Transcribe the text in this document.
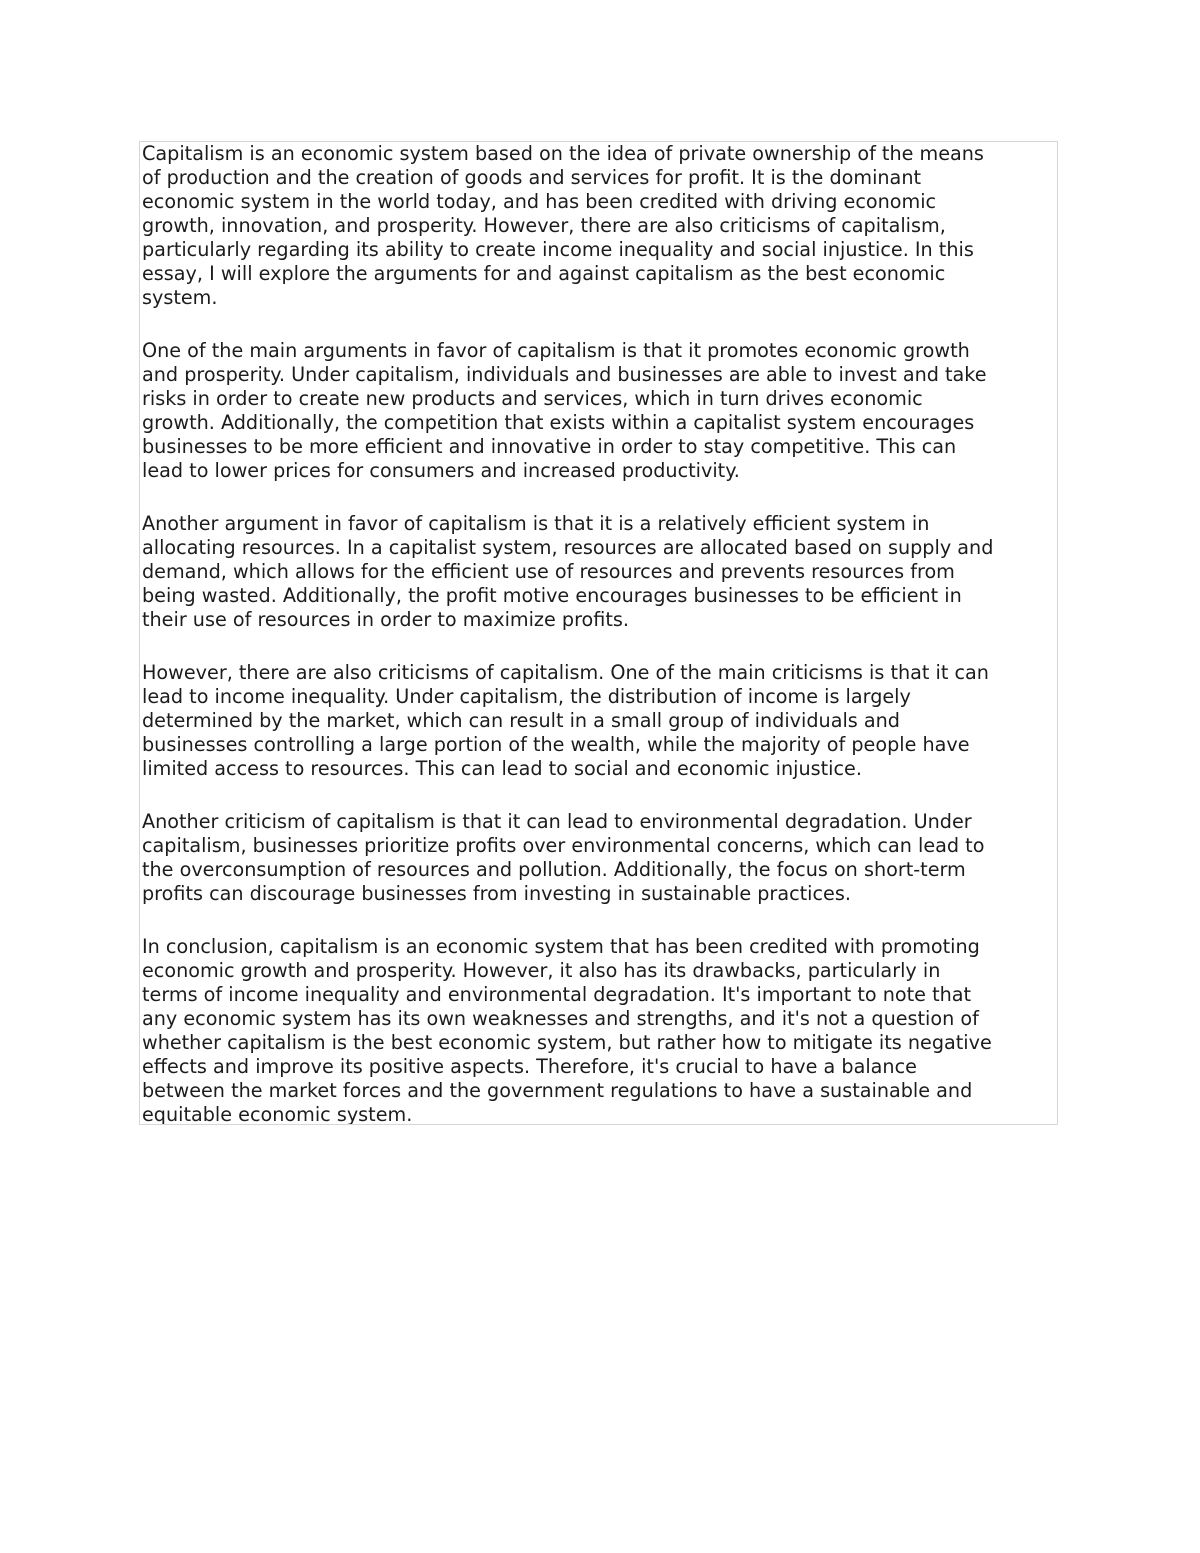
Capitalism is an economic system based on the idea of private ownership of the means
of production and the creation of goods and services for profit. It is the dominant
economic system in the world today, and has been credited with driving economic
growth, innovation, and prosperity. However, there are also criticisms of capitalism,
particularly regarding its ability to create income inequality and social injustice. In this
essay, I will explore the arguments for and against capitalism as the best economic
system.

One of the main arguments in favor of capitalism is that it promotes economic growth
and prosperity. Under capitalism, individuals and businesses are able to invest and take
risks in order to create new products and services, which in turn drives economic
growth. Additionally, the competition that exists within a capitalist system encourages
businesses to be more efficient and innovative in order to stay competitive. This can
lead to lower prices for consumers and increased productivity.

Another argument in favor of capitalism is that it is a relatively efficient system in
allocating resources. In a capitalist system, resources are allocated based on supply and
demand, which allows for the efficient use of resources and prevents resources from
being wasted. Additionally, the profit motive encourages businesses to be efficient in
their use of resources in order to maximize profits.

However, there are also criticisms of capitalism. One of the main criticisms is that it can
lead to income inequality. Under capitalism, the distribution of income is largely
determined by the market, which can result in a small group of individuals and
businesses controlling a large portion of the wealth, while the majority of people have
limited access to resources. This can lead to social and economic injustice.

Another criticism of capitalism is that it can lead to environmental degradation. Under
capitalism, businesses prioritize profits over environmental concerns, which can lead to
the overconsumption of resources and pollution. Additionally, the focus on short-term
profits can discourage businesses from investing in sustainable practices.

In conclusion, capitalism is an economic system that has been credited with promoting
economic growth and prosperity. However, it also has its drawbacks, particularly in
terms of income inequality and environmental degradation. It's important to note that
any economic system has its own weaknesses and strengths, and it's not a question of
whether capitalism is the best economic system, but rather how to mitigate its negative
effects and improve its positive aspects. Therefore, it's crucial to have a balance
between the market forces and the government regulations to have a sustainable and
equitable economic system.
